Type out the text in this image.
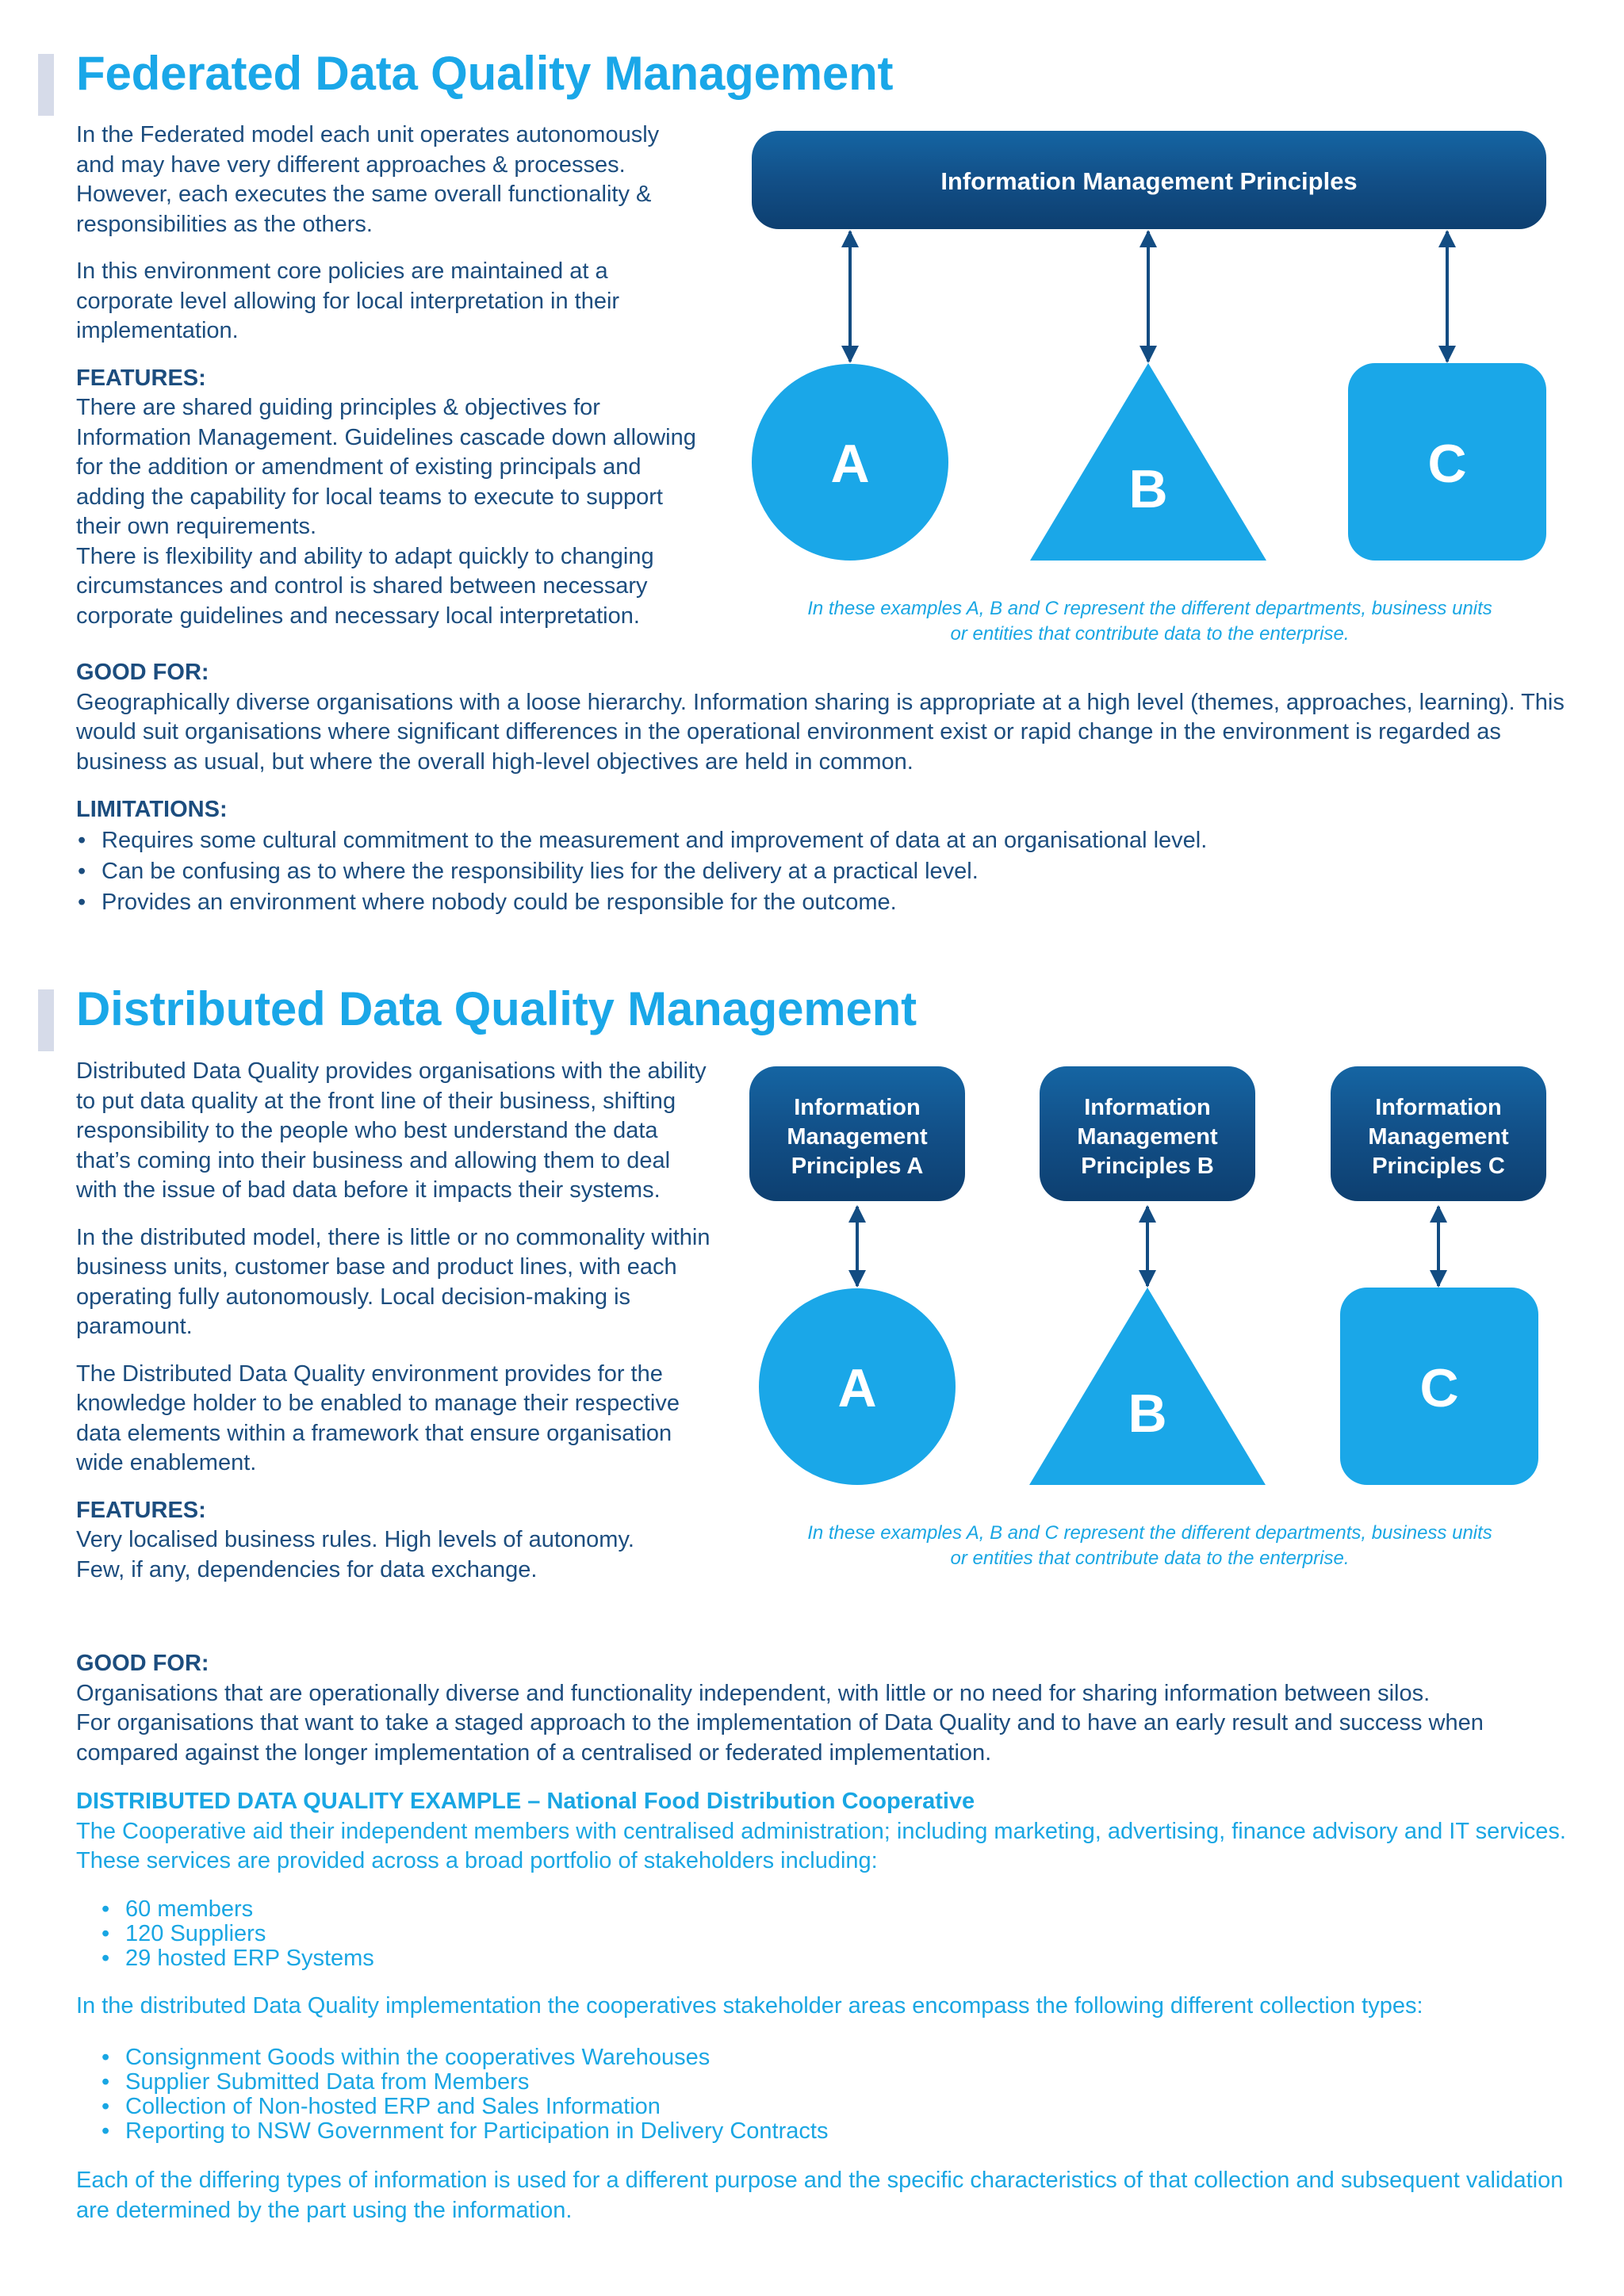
Federated Data Quality Management

In the Federated model each unit operates autonomously and may have very different approaches & processes. However, each executes the same overall functionality & responsibilities as the others.

In this environment core policies are maintained at a corporate level allowing for local interpretation in their implementation.

FEATURES:
There are shared guiding principles & objectives for Information Management. Guidelines cascade down allowing for the addition or amendment of existing principals and adding the capability for local teams to execute to support their own requirements.
There is flexibility and ability to adapt quickly to changing circumstances and control is shared between necessary corporate guidelines and necessary local interpretation.
Information Management Principles
A	B	C
In these examples A, B and C represent the different departments, business units
or entities that contribute data to the enterprise.
GOOD FOR:
Geographically diverse organisations with a loose hierarchy. Information sharing is appropriate at a high level (themes, approaches, learning). This would suit organisations where significant differences in the operational environment exist or rapid change in the environment is regarded as business as usual, but where the overall high-level objectives are held in common.
LIMITATIONS:
• Requires some cultural commitment to the measurement and improvement of data at an organisational level.
• Can be confusing as to where the responsibility lies for the delivery at a practical level.
• Provides an environment where nobody could be responsible for the outcome.
Distributed Data Quality Management

Distributed Data Quality provides organisations with the ability to put data quality at the front line of their business, shifting responsibility to the people who best understand the data that’s coming into their business and allowing them to deal with the issue of bad data before it impacts their systems.

In the distributed model, there is little or no commonality within business units, customer base and product lines, with each operating fully autonomously. Local decision-making is paramount.

The Distributed Data Quality environment provides for the knowledge holder to be enabled to manage their respective data elements within a framework that ensure organisation wide enablement.

FEATURES:
Very localised business rules. High levels of autonomy.
Few, if any, dependencies for data exchange.
Information
Management
Principles A
Information
Management
Principles B
Information
Management
Principles C
A	B	C
In these examples A, B and C represent the different departments, business units
or entities that contribute data to the enterprise.
GOOD FOR:
Organisations that are operationally diverse and functionality independent, with little or no need for sharing information between silos.
For organisations that want to take a staged approach to the implementation of Data Quality and to have an early result and success when compared against the longer implementation of a centralised or federated implementation.
DISTRIBUTED DATA QUALITY EXAMPLE – National Food Distribution Cooperative
The Cooperative aid their independent members with centralised administration; including marketing, advertising, finance advisory and IT services. These services are provided across a broad portfolio of stakeholders including:
• 60 members
• 120 Suppliers
• 29 hosted ERP Systems
In the distributed Data Quality implementation the cooperatives stakeholder areas encompass the following different collection types:
• Consignment Goods within the cooperatives Warehouses
• Supplier Submitted Data from Members
• Collection of Non-hosted ERP and Sales Information
• Reporting to NSW Government for Participation in Delivery Contracts
Each of the differing types of information is used for a different purpose and the specific characteristics of that collection and subsequent validation are determined by the part using the information.
